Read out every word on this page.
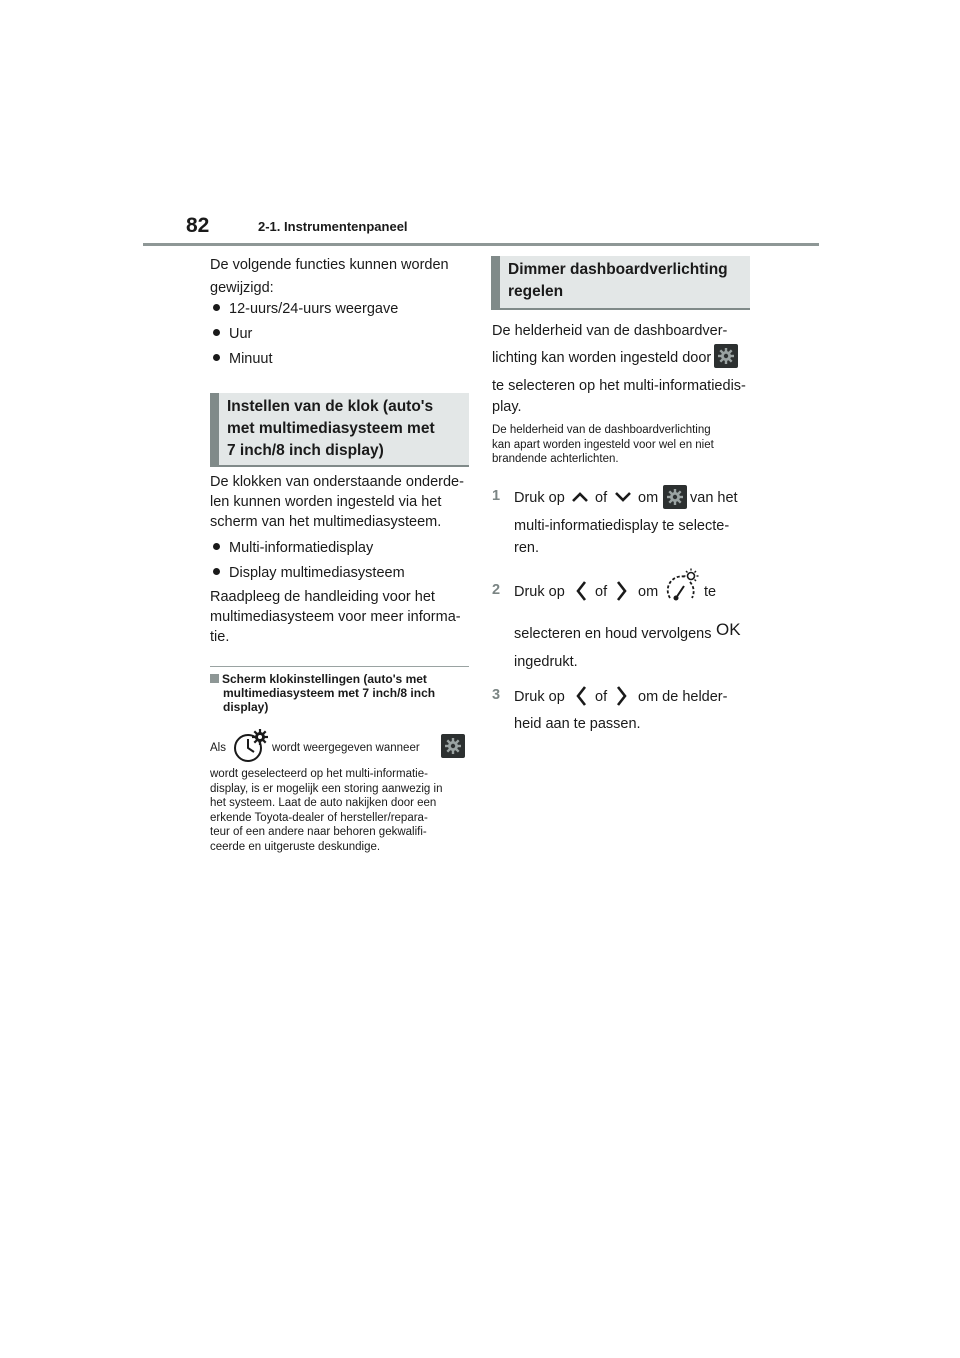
82	2-1. Instrumentenpaneel
De volgende functies kunnen worden
gewijzigd:
12-uurs/24-uurs weergave
Uur
Minuut
Instellen van de klok (auto's
met multimediasysteem met
7 inch/8 inch display)
De klokken van onderstaande onderde-
len kunnen worden ingesteld via het
scherm van het multimediasysteem.
Multi-informatiedisplay
Display multimediasysteem
Raadpleeg de handleiding voor het
multimediasysteem voor meer informa-
tie.
Scherm klokinstellingen (auto's met
multimediasysteem met 7 inch/8 inch
display)
Als	wordt weergegeven wanneer
wordt geselecteerd op het multi-informatie-
display, is er mogelijk een storing aanwezig in
het systeem. Laat de auto nakijken door een
erkende Toyota-dealer of hersteller/repara-
teur of een andere naar behoren gekwalifi-
ceerde en uitgeruste deskundige.
Dimmer dashboardverlichting
regelen
De helderheid van de dashboardver-
lichting kan worden ingesteld door
te selecteren op het multi-informatiedis-
play.
De helderheid van de dashboardverlichting
kan apart worden ingesteld voor wel en niet
brandende achterlichten.
1 Druk op of om van het
multi-informatiedisplay te selecte-
ren.
2 Druk op of om	te
selecteren en houd vervolgens OK
ingedrukt.
3 Druk op of om de helder-
heid aan te passen.
